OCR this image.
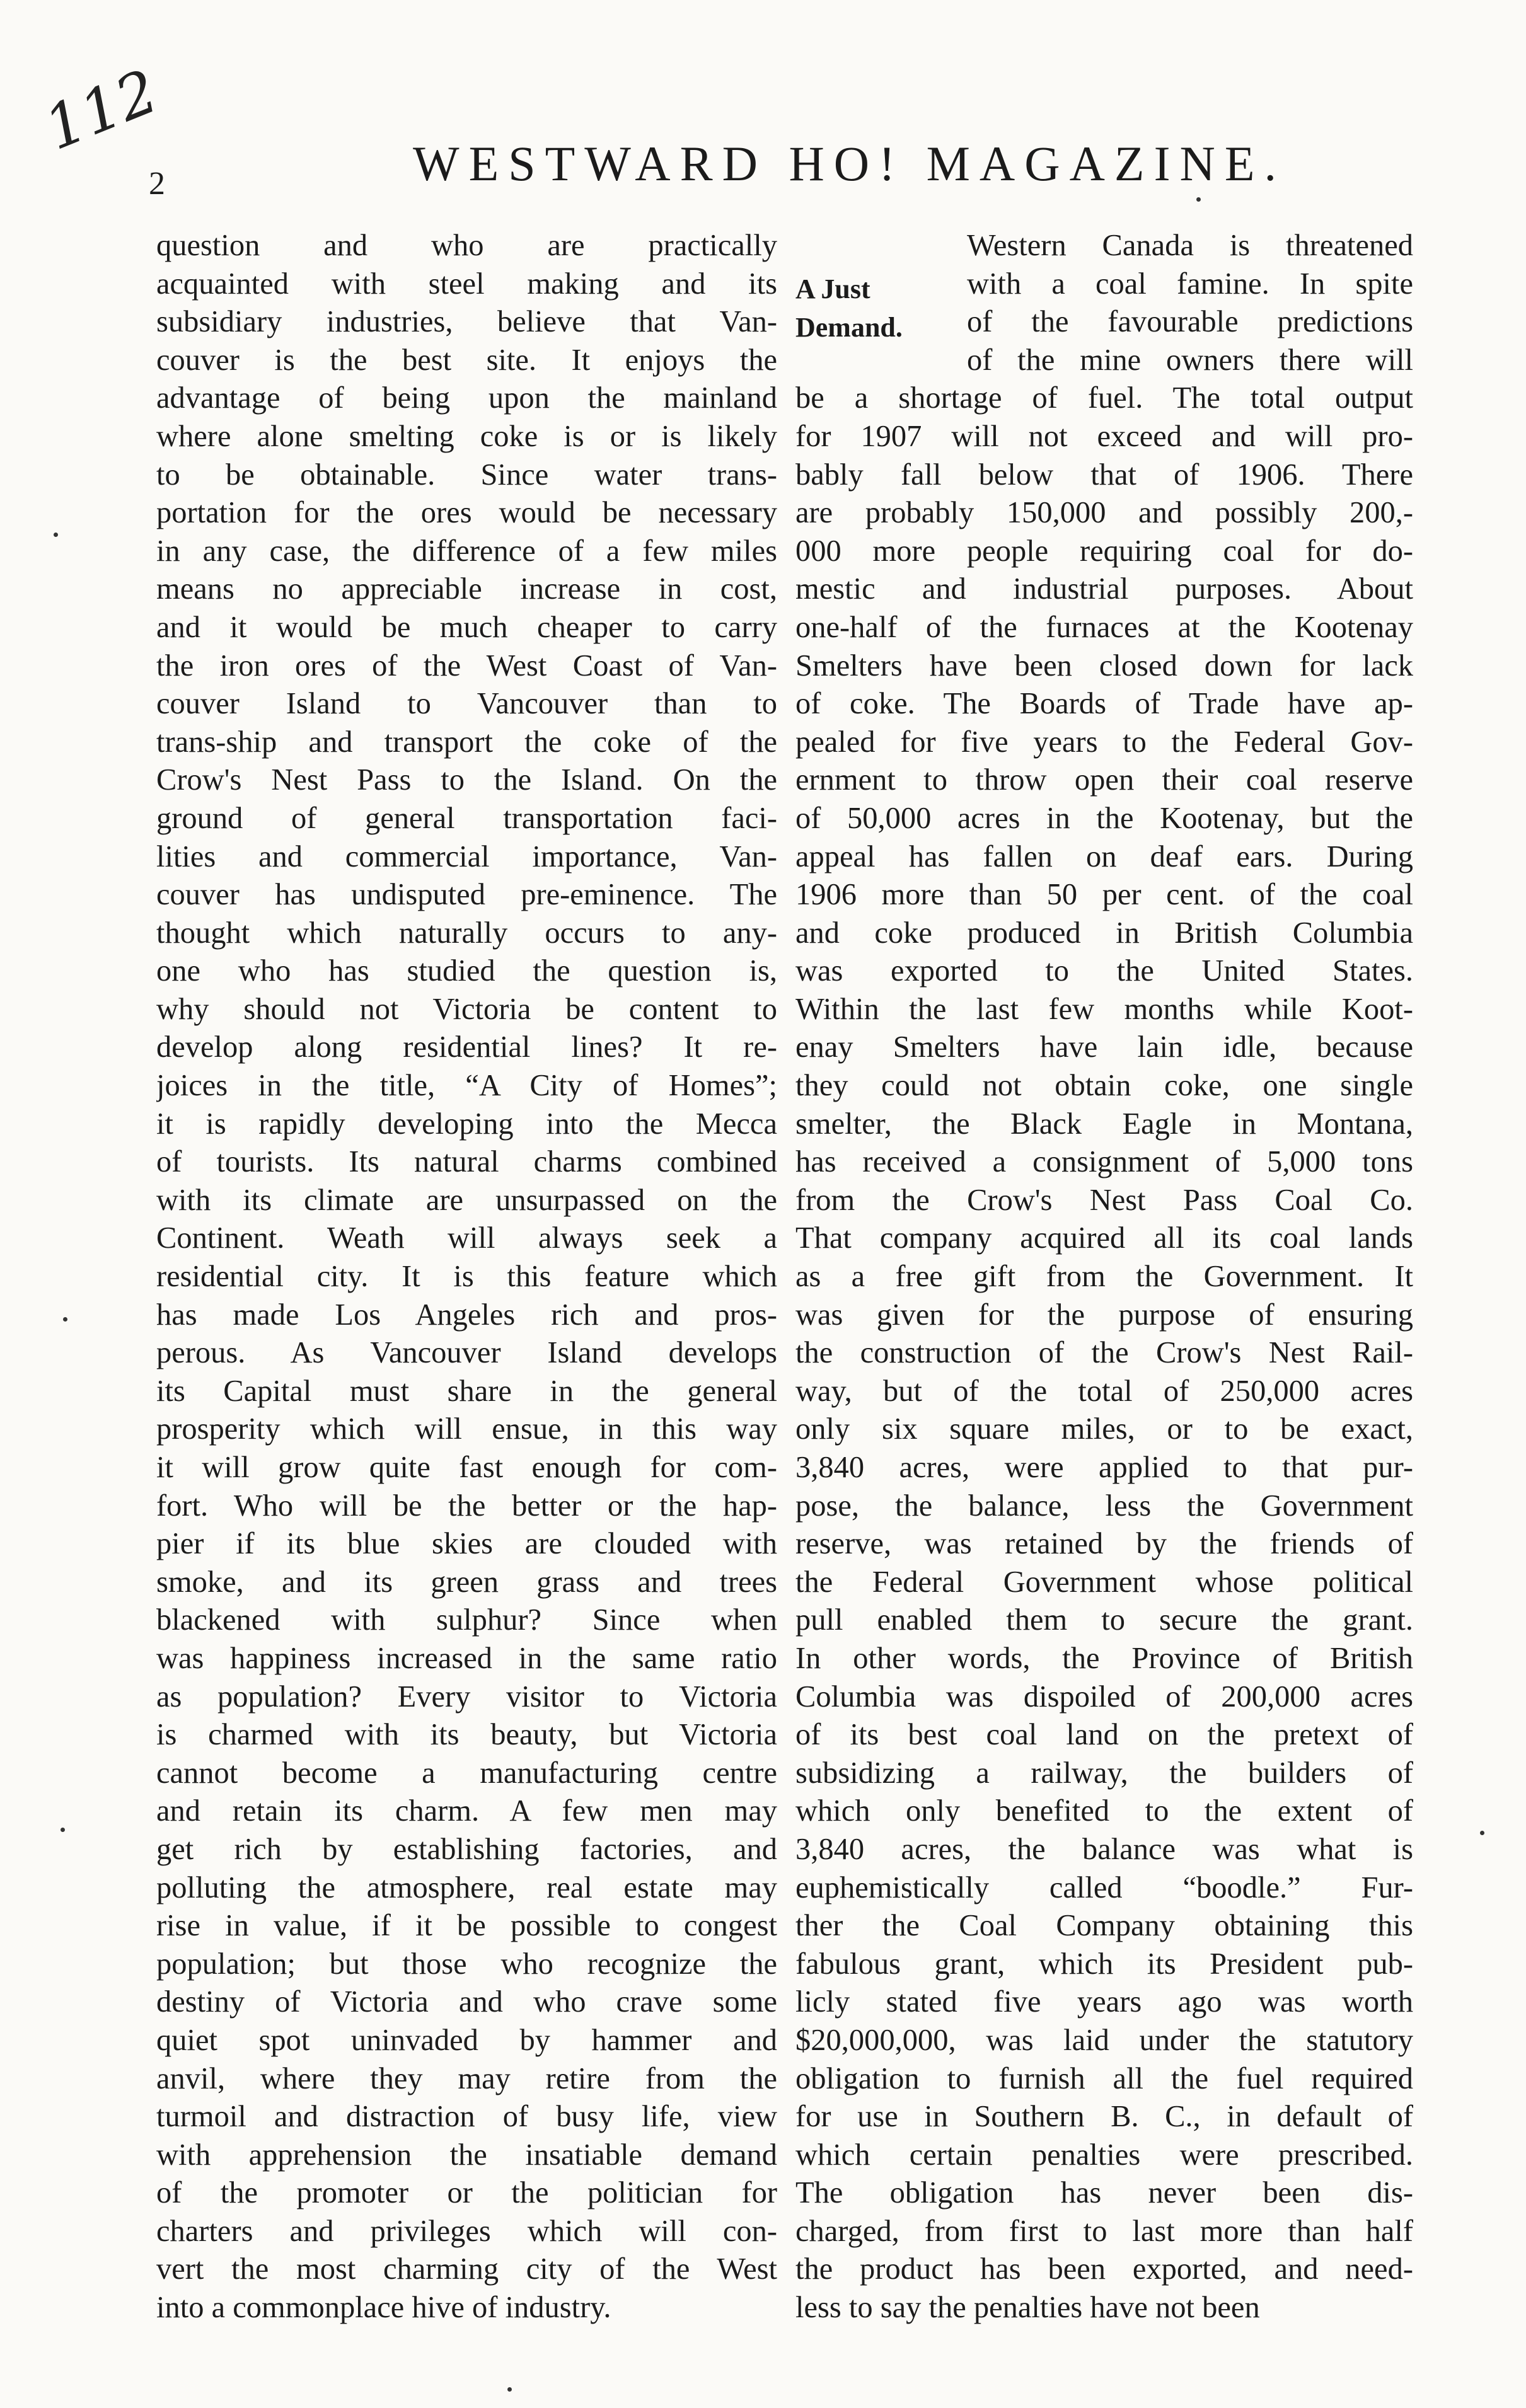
112
2	WESTWARD HO! MAGAZINE.
question and who are practically
acquainted with steel making and its
subsidiary industries, believe that Van-
couver is the best site. It enjoys the
advantage of being upon the mainland
where alone smelting coke is or is likely
to be obtainable. Since water trans-
portation for the ores would be necessary
in any case, the difference of a few miles
means no appreciable increase in cost,
and it would be much cheaper to carry
the iron ores of the West Coast of Van-
couver Island to Vancouver than to
trans-ship and transport the coke of the
Crow's Nest Pass to the Island. On the
ground of general transportation faci-
lities and commercial importance, Van-
couver has undisputed pre-eminence. The
thought which naturally occurs to any-
one who has studied the question is,
why should not Victoria be content to
develop along residential lines? It re-
joices in the title, “A City of Homes”;
it is rapidly developing into the Mecca
of tourists. Its natural charms combined
with its climate are unsurpassed on the
Continent. Weath will always seek a
residential city. It is this feature which
has made Los Angeles rich and pros-
perous. As Vancouver Island develops
its Capital must share in the general
prosperity which will ensue, in this way
it will grow quite fast enough for com-
fort. Who will be the better or the hap-
pier if its blue skies are clouded with
smoke, and its green grass and trees
blackened with sulphur? Since when
was happiness increased in the same ratio
as population? Every visitor to Victoria
is charmed with its beauty, but Victoria
cannot become a manufacturing centre
and retain its charm. A few men may
get rich by establishing factories, and
polluting the atmosphere, real estate may
rise in value, if it be possible to congest
population; but those who recognize the
destiny of Victoria and who crave some
quiet spot uninvaded by hammer and
anvil, where they may retire from the
turmoil and distraction of busy life, view
with apprehension the insatiable demand
of the promoter or the politician for
charters and privileges which will con-
vert the most charming city of the West
into a commonplace hive of industry.
A Just
Demand.
Western Canada is threatened
with a coal famine. In spite
of the favourable predictions
of the mine owners there will
be a shortage of fuel. The total output
for 1907 will not exceed and will pro-
bably fall below that of 1906. There
are probably 150,000 and possibly 200,-
000 more people requiring coal for do-
mestic and industrial purposes. About
one-half of the furnaces at the Kootenay
Smelters have been closed down for lack
of coke. The Boards of Trade have ap-
pealed for five years to the Federal Gov-
ernment to throw open their coal reserve
of 50,000 acres in the Kootenay, but the
appeal has fallen on deaf ears. During
1906 more than 50 per cent. of the coal
and coke produced in British Columbia
was exported to the United States.
Within the last few months while Koot-
enay Smelters have lain idle, because
they could not obtain coke, one single
smelter, the Black Eagle in Montana,
has received a consignment of 5,000 tons
from the Crow's Nest Pass Coal Co.
That company acquired all its coal lands
as a free gift from the Government. It
was given for the purpose of ensuring
the construction of the Crow's Nest Rail-
way, but of the total of 250,000 acres
only six square miles, or to be exact,
3,840 acres, were applied to that pur-
pose, the balance, less the Government
reserve, was retained by the friends of
the Federal Government whose political
pull enabled them to secure the grant.
In other words, the Province of British
Columbia was dispoiled of 200,000 acres
of its best coal land on the pretext of
subsidizing a railway, the builders of
which only benefited to the extent of
3,840 acres, the balance was what is
euphemistically called “boodle.” Fur-
ther the Coal Company obtaining this
fabulous grant, which its President pub-
licly stated five years ago was worth
$20,000,000, was laid under the statutory
obligation to furnish all the fuel required
for use in Southern B. C., in default of
which certain penalties were prescribed.
The obligation has never been dis-
charged, from first to last more than half
the product has been exported, and need-
less to say the penalties have not been
